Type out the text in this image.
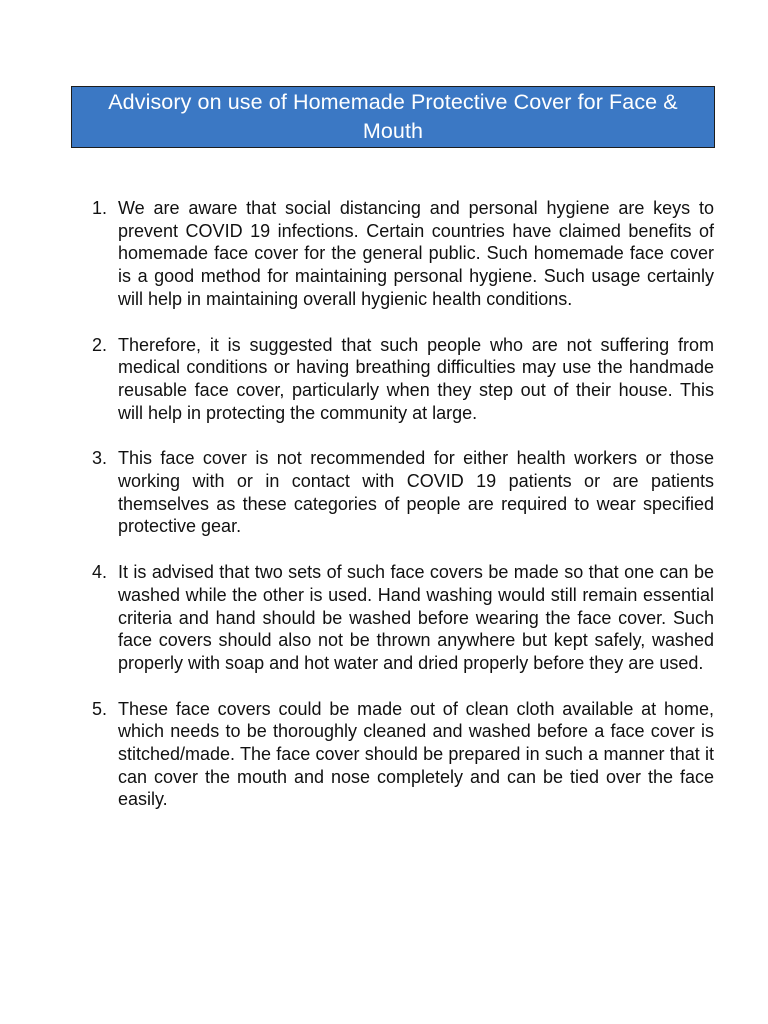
Advisory on use of Homemade Protective Cover for Face & Mouth
1. We are aware that social distancing and personal hygiene are keys to prevent COVID 19 infections. Certain countries have claimed benefits of homemade face cover for the general public. Such homemade face cover is a good method for maintaining personal hygiene. Such usage certainly will help in maintaining overall hygienic health conditions.
2. Therefore, it is suggested that such people who are not suffering from medical conditions or having breathing difficulties may use the handmade reusable face cover, particularly when they step out of their house. This will help in protecting the community at large.
3. This face cover is not recommended for either health workers or those working with or in contact with COVID 19 patients or are patients themselves as these categories of people are required to wear specified protective gear.
4. It is advised that two sets of such face covers be made so that one can be washed while the other is used. Hand washing would still remain essential criteria and hand should be washed before wearing the face cover. Such face covers should also not be thrown anywhere but kept safely, washed properly with soap and hot water and dried properly before they are used.
5. These face covers could be made out of clean cloth available at home, which needs to be thoroughly cleaned and washed before a face cover is stitched/made. The face cover should be prepared in such a manner that it can cover the mouth and nose completely and can be tied over the face easily.
